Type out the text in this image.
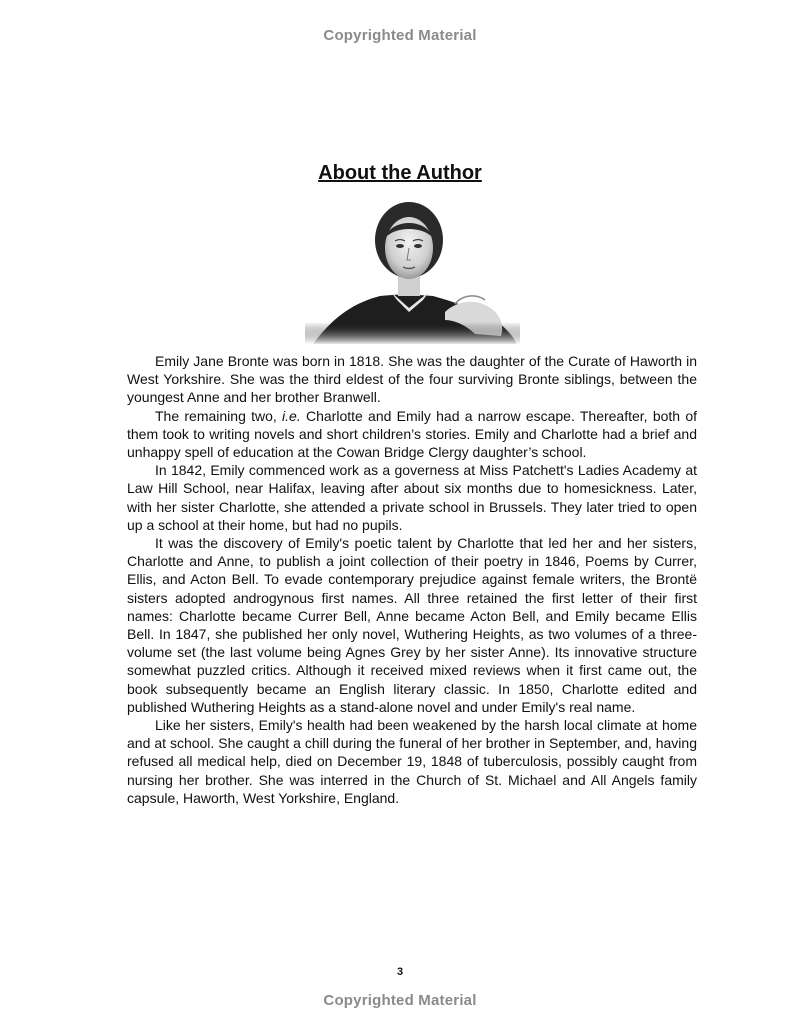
Copyrighted Material
About the Author

Emily Jane Bronte was born in 1818. She was the daughter of the Curate of Haworth in West Yorkshire. She was the third eldest of the four surviving Bronte siblings, between the youngest Anne and her brother Branwell.

The remaining two, i.e. Charlotte and Emily had a narrow escape. Thereafter, both of them took to writing novels and short children’s stories. Emily and Charlotte had a brief and unhappy spell of education at the Cowan Bridge Clergy daughter’s school.

In 1842, Emily commenced work as a governess at Miss Patchett's Ladies Academy at Law Hill School, near Halifax, leaving after about six months due to homesickness. Later, with her sister Charlotte, she attended a private school in Brussels. They later tried to open up a school at their home, but had no pupils.

It was the discovery of Emily's poetic talent by Charlotte that led her and her sisters, Charlotte and Anne, to publish a joint collection of their poetry in 1846, Poems by Currer, Ellis, and Acton Bell. To evade contemporary prejudice against female writers, the Brontë sisters adopted androgynous first names. All three retained the first letter of their first names: Charlotte became Currer Bell, Anne became Acton Bell, and Emily became Ellis Bell. In 1847, she published her only novel, Wuthering Heights, as two volumes of a three-volume set (the last volume being Agnes Grey by her sister Anne). Its innovative structure somewhat puzzled critics. Although it received mixed reviews when it first came out, the book subsequently became an English literary classic. In 1850, Charlotte edited and published Wuthering Heights as a stand-alone novel and under Emily's real name.

Like her sisters, Emily's health had been weakened by the harsh local climate at home and at school. She caught a chill during the funeral of her brother in September, and, having refused all medical help, died on December 19, 1848 of tuberculosis, possibly caught from nursing her brother. She was interred in the Church of St. Michael and All Angels family capsule, Haworth, West Yorkshire, England.

3
Copyrighted Material
